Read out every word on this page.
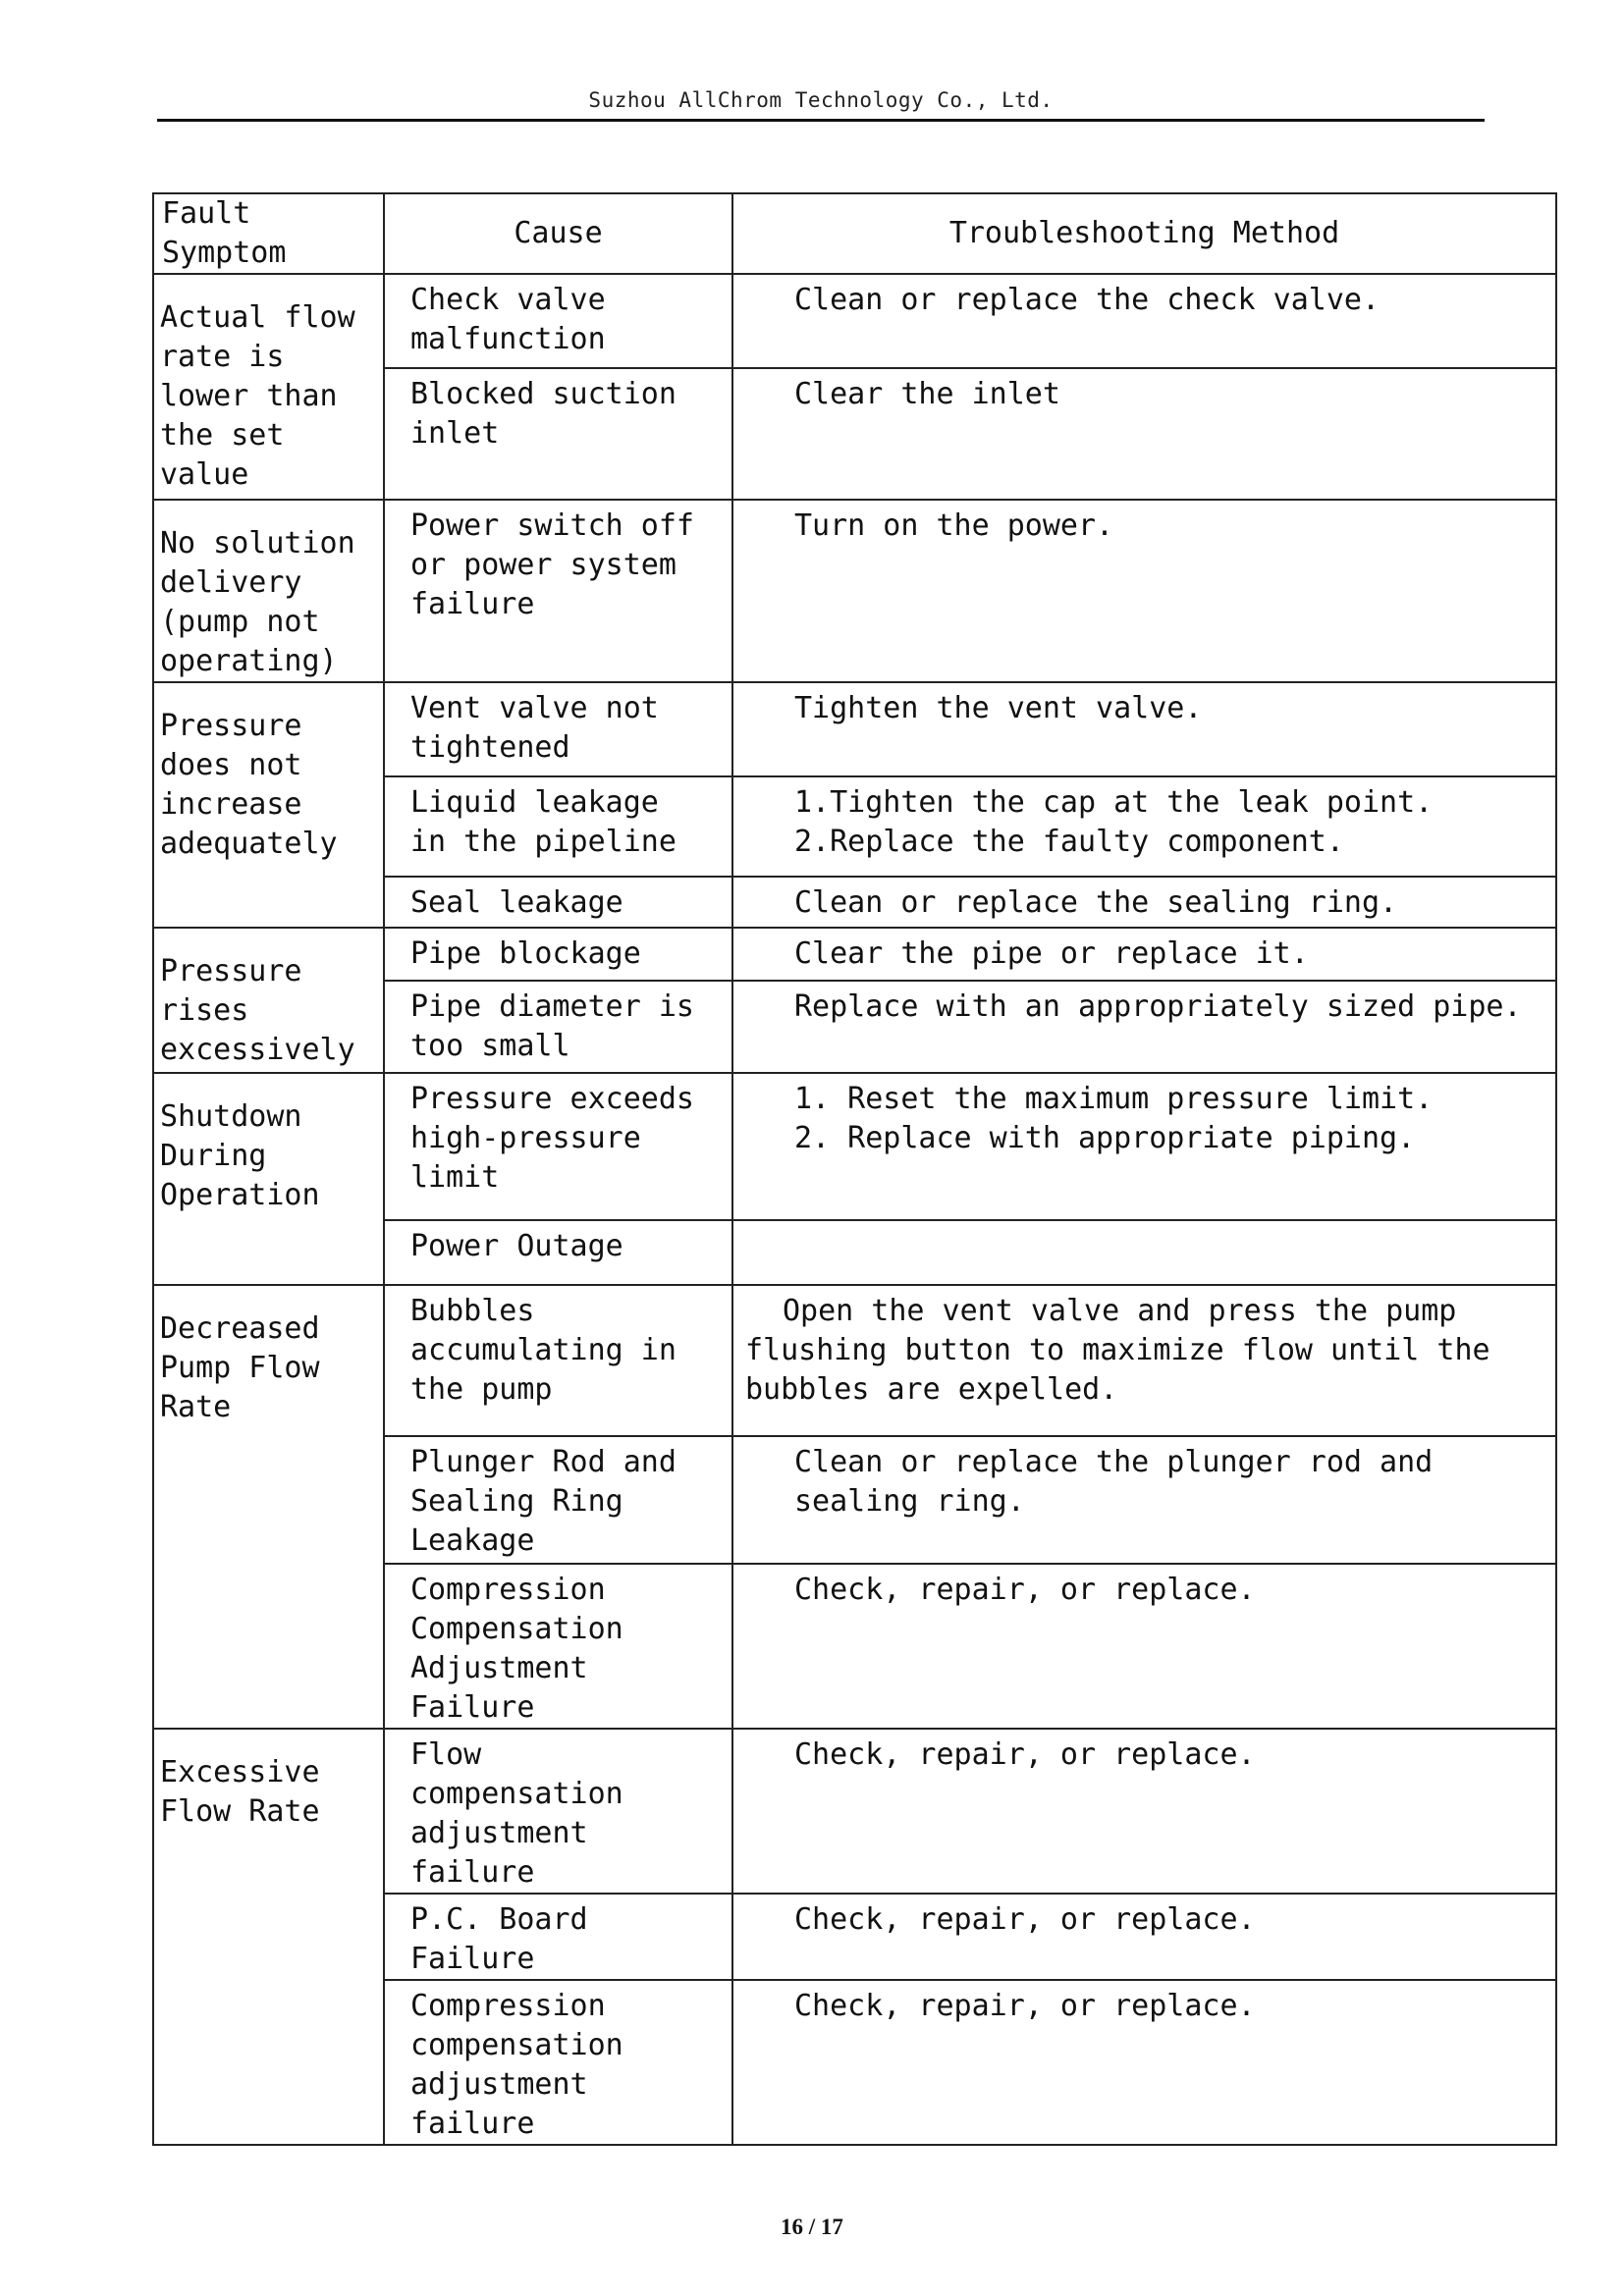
Suzhou AllChrom Technology Co., Ltd.
Fault Symptom	Cause	Troubleshooting Method
Actual flow rate is lower than the set value	Check valve malfunction	Clean or replace the check valve.

	Blocked suction inlet	Clear the inlet

No solution delivery (pump not operating)	Power switch off or power system failure	Turn on the power.

Pressure does not increase adequately	Vent valve not tightened	Tighten the vent valve.

	Liquid leakage in the pipeline	1.Tighten the cap at the leak point.
2.Replace the faulty component.

	Seal leakage	Clean or replace the sealing ring.

Pressure rises excessively	Pipe blockage	Clear the pipe or replace it.

	Pipe diameter is too small	Replace with an appropriately sized pipe.

Shutdown During Operation	Pressure exceeds high-pressure limit	1. Reset the maximum pressure limit.
2. Replace with appropriate piping.

	Power Outage	
Decreased Pump Flow Rate	Bubbles accumulating in the pump	Open the vent valve and press the pump flushing button to maximize flow until the bubbles are expelled.

	Plunger Rod and Sealing Ring Leakage	Clean or replace the plunger rod and sealing ring.

	Compression Compensation Adjustment Failure	Check, repair, or replace.

Excessive Flow Rate	Flow compensation adjustment failure	Check, repair, or replace.

	P.C. Board Failure	Check, repair, or replace.

	Compression compensation adjustment failure	Check, repair, or replace.
16 / 17
